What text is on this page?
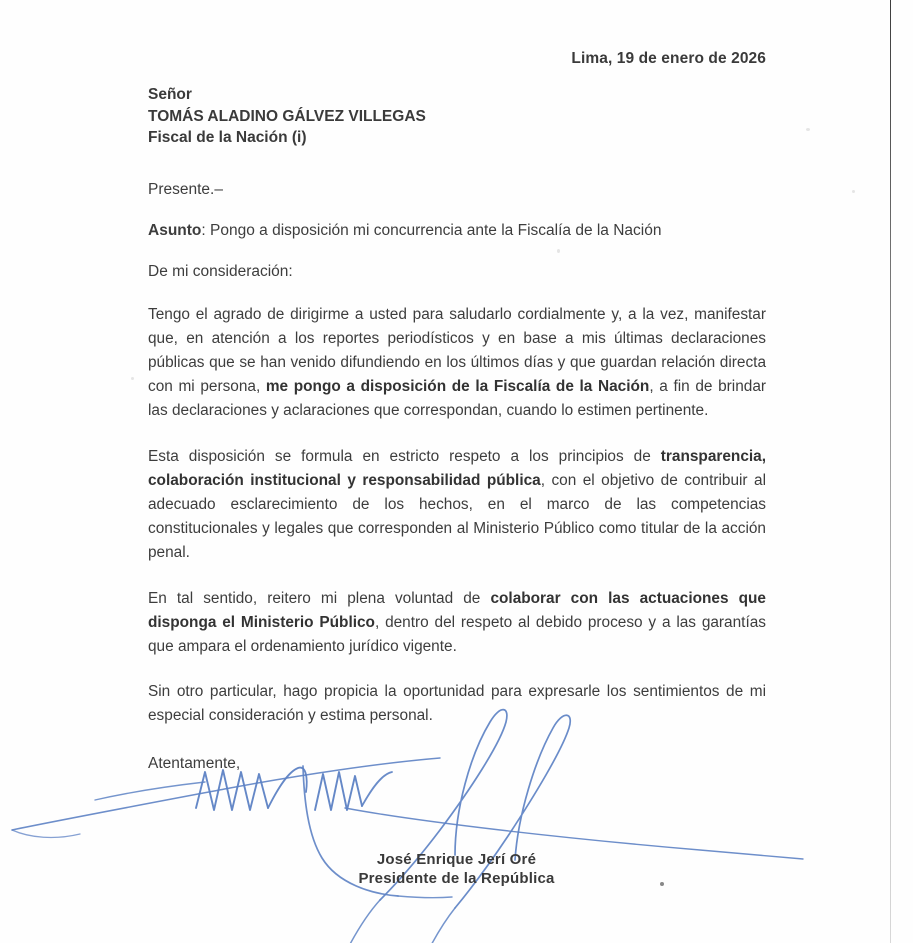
Lima, 19 de enero de 2026
Señor
TOMÁS ALADINO GÁLVEZ VILLEGAS
Fiscal de la Nación (i)
Presente.–
Asunto: Pongo a disposición mi concurrencia ante la Fiscalía de la Nación
De mi consideración:

Tengo el agrado de dirigirme a usted para saludarlo cordialmente y, a la vez, manifestar que, en atención a los reportes periodísticos y en base a mis últimas declaraciones públicas que se han venido difundiendo en los últimos días y que guardan relación directa con mi persona, me pongo a disposición de la Fiscalía de la Nación, a fin de brindar las declaraciones y aclaraciones que correspondan, cuando lo estimen pertinente.

Esta disposición se formula en estricto respeto a los principios de transparencia, colaboración institucional y responsabilidad pública, con el objetivo de contribuir al adecuado esclarecimiento de los hechos, en el marco de las competencias constitucionales y legales que corresponden al Ministerio Público como titular de la acción penal.

En tal sentido, reitero mi plena voluntad de colaborar con las actuaciones que disponga el Ministerio Público, dentro del respeto al debido proceso y a las garantías que ampara el ordenamiento jurídico vigente.

Sin otro particular, hago propicia la oportunidad para expresarle los sentimientos de mi especial consideración y estima personal.

Atentamente,
José Enrique Jerí Oré
Presidente de la República
